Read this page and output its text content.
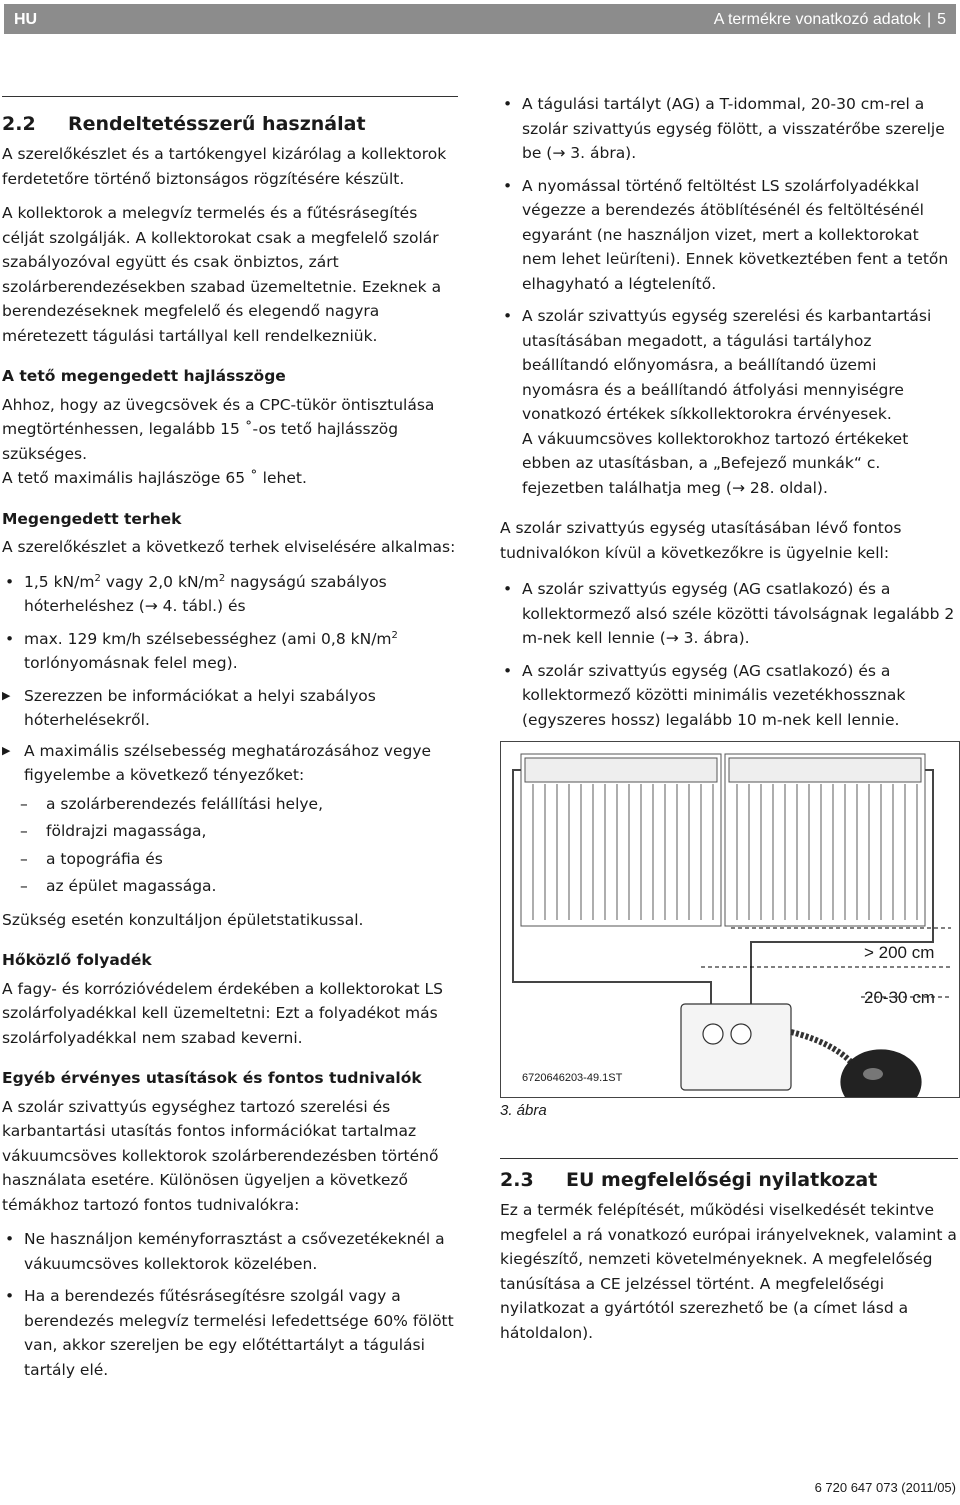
HU	A termékre vonatkozó adatok | 5
2.2 Rendeltetésszerű használat

A szerelőkészlet és a tartókengyel kizárólag a kollektorok ferdetetőre történő biztonságos rögzítésére készült.

A kollektorok a melegvíz termelés és a fűtésrásegítés célját szolgálják. A kollektorokat csak a megfelelő szolár szabályozóval együtt és csak önbiztos, zárt szolárberendezésekben szabad üzemeltetnie. Ezeknek a berendezéseknek megfelelő és elegendő nagyra méretezett tágulási tartállyal kell rendelkezniük.

A tető megengedett hajlásszöge

Ahhoz, hogy az üvegcsövek és a CPC-tükör öntisztulása megtörténhessen, legalább 15 ˚-os tető hajlásszög szükséges.

A tető maximális hajlászöge 65 ˚ lehet.

Megengedett terhek

A szerelőkészlet a következő terhek elviselésére alkalmas:

• 1,5 $kN/m^2$ vagy 2,0 $kN/m^2$ nagyságú szabályos hóterheléshez (→ 4. tábl.) és
• max. 129 km/h szélsebességhez (ami 0,8 $kN/m^2$ torlónyomásnak felel meg).
▶ Szerezzen be információkat a helyi szabályos hóterhelésekről.
▶ A maximális szélsebesség meghatározásához vegye figyelembe a következő tényezőket:
– a szolárberendezés felállítási helye,
– földrajzi magassága,
– a topográfia és
– az épület magassága.

Szükség esetén konzultáljon épületstatikussal.

Hőközlő folyadék

A fagy- és korrózióvédelem érdekében a kollektorokat LS szolárfolyadékkal kell üzemeltetni: Ezt a folyadékot más szolárfolyadékkal nem szabad keverni.

Egyéb érvényes utasítások és fontos tudnivalók

A szolár szivattyús egységhez tartozó szerelési és karbantartási utasítás fontos információkat tartalmaz vákuumcsöves kollektorok szolárberendezésben történő használata esetére. Különösen ügyeljen a következő témákhoz tartozó fontos tudnivalókra:

• Ne használjon keményforrasztást a csővezetékeknél a vákuumcsöves kollektorok közelében.
• Ha a berendezés fűtésrásegítésre szolgál vagy a berendezés melegvíz termelési lefedettsége 60% fölött van, akkor szereljen be egy előtéttartályt a tágulási tartály elé.
• A tágulási tartályt (AG) a T-idommal, 20-30 cm-rel a szolár szivattyús egység fölött, a visszatérőbe szerelje be (→ 3. ábra).
• A nyomással történő feltöltést LS szolárfolyadékkal végezze a berendezés átöblítésénél és feltöltésénél egyaránt (ne használjon vizet, mert a kollektorokat nem lehet leüríteni). Ennek következtében fent a tetőn elhagyható a légtelenítő.
• A szolár szivattyús egység szerelési és karbantartási utasításában megadott, a tágulási tartályhoz beállítandó előnyomásra, a beállítandó üzemi nyomásra és a beállítandó átfolyási mennyiségre vonatkozó értékek síkkollektorokra érvényesek.
A vákuumcsöves kollektorokhoz tartozó értékeket ebben az utasításban, a „Befejező munkák“ c. fejezetben találhatja meg (→ 28. oldal).

A szolár szivattyús egység utasításában lévő fontos tudnivalókon kívül a következőkre is ügyelnie kell:

• A szolár szivattyús egység (AG csatlakozó) és a kollektormező alsó széle közötti távolságnak legalább 2 m-nek kell lennie (→ 3. ábra).
• A szolár szivattyús egység (AG csatlakozó) és a kollektormező közötti minimális vezetékhossznak (egyszeres hossz) legalább 10 m-nek kell lennie.
> 200 cm
20-30 cm
6720646203-49.1ST
3. ábra
2.3 EU megfelelőségi nyilatkozat

Ez a termék felépítését, működési viselkedését tekintve megfelel a rá vonatkozó európai irányelveknek, valamint a kiegészítő, nemzeti követelményeknek. A megfelelőség tanúsítása a CE jelzéssel történt. A megfelelőségi nyilatkozat a gyártótól szerezhető be (a címet lásd a hátoldalon).

6 720 647 073 (2011/05)
